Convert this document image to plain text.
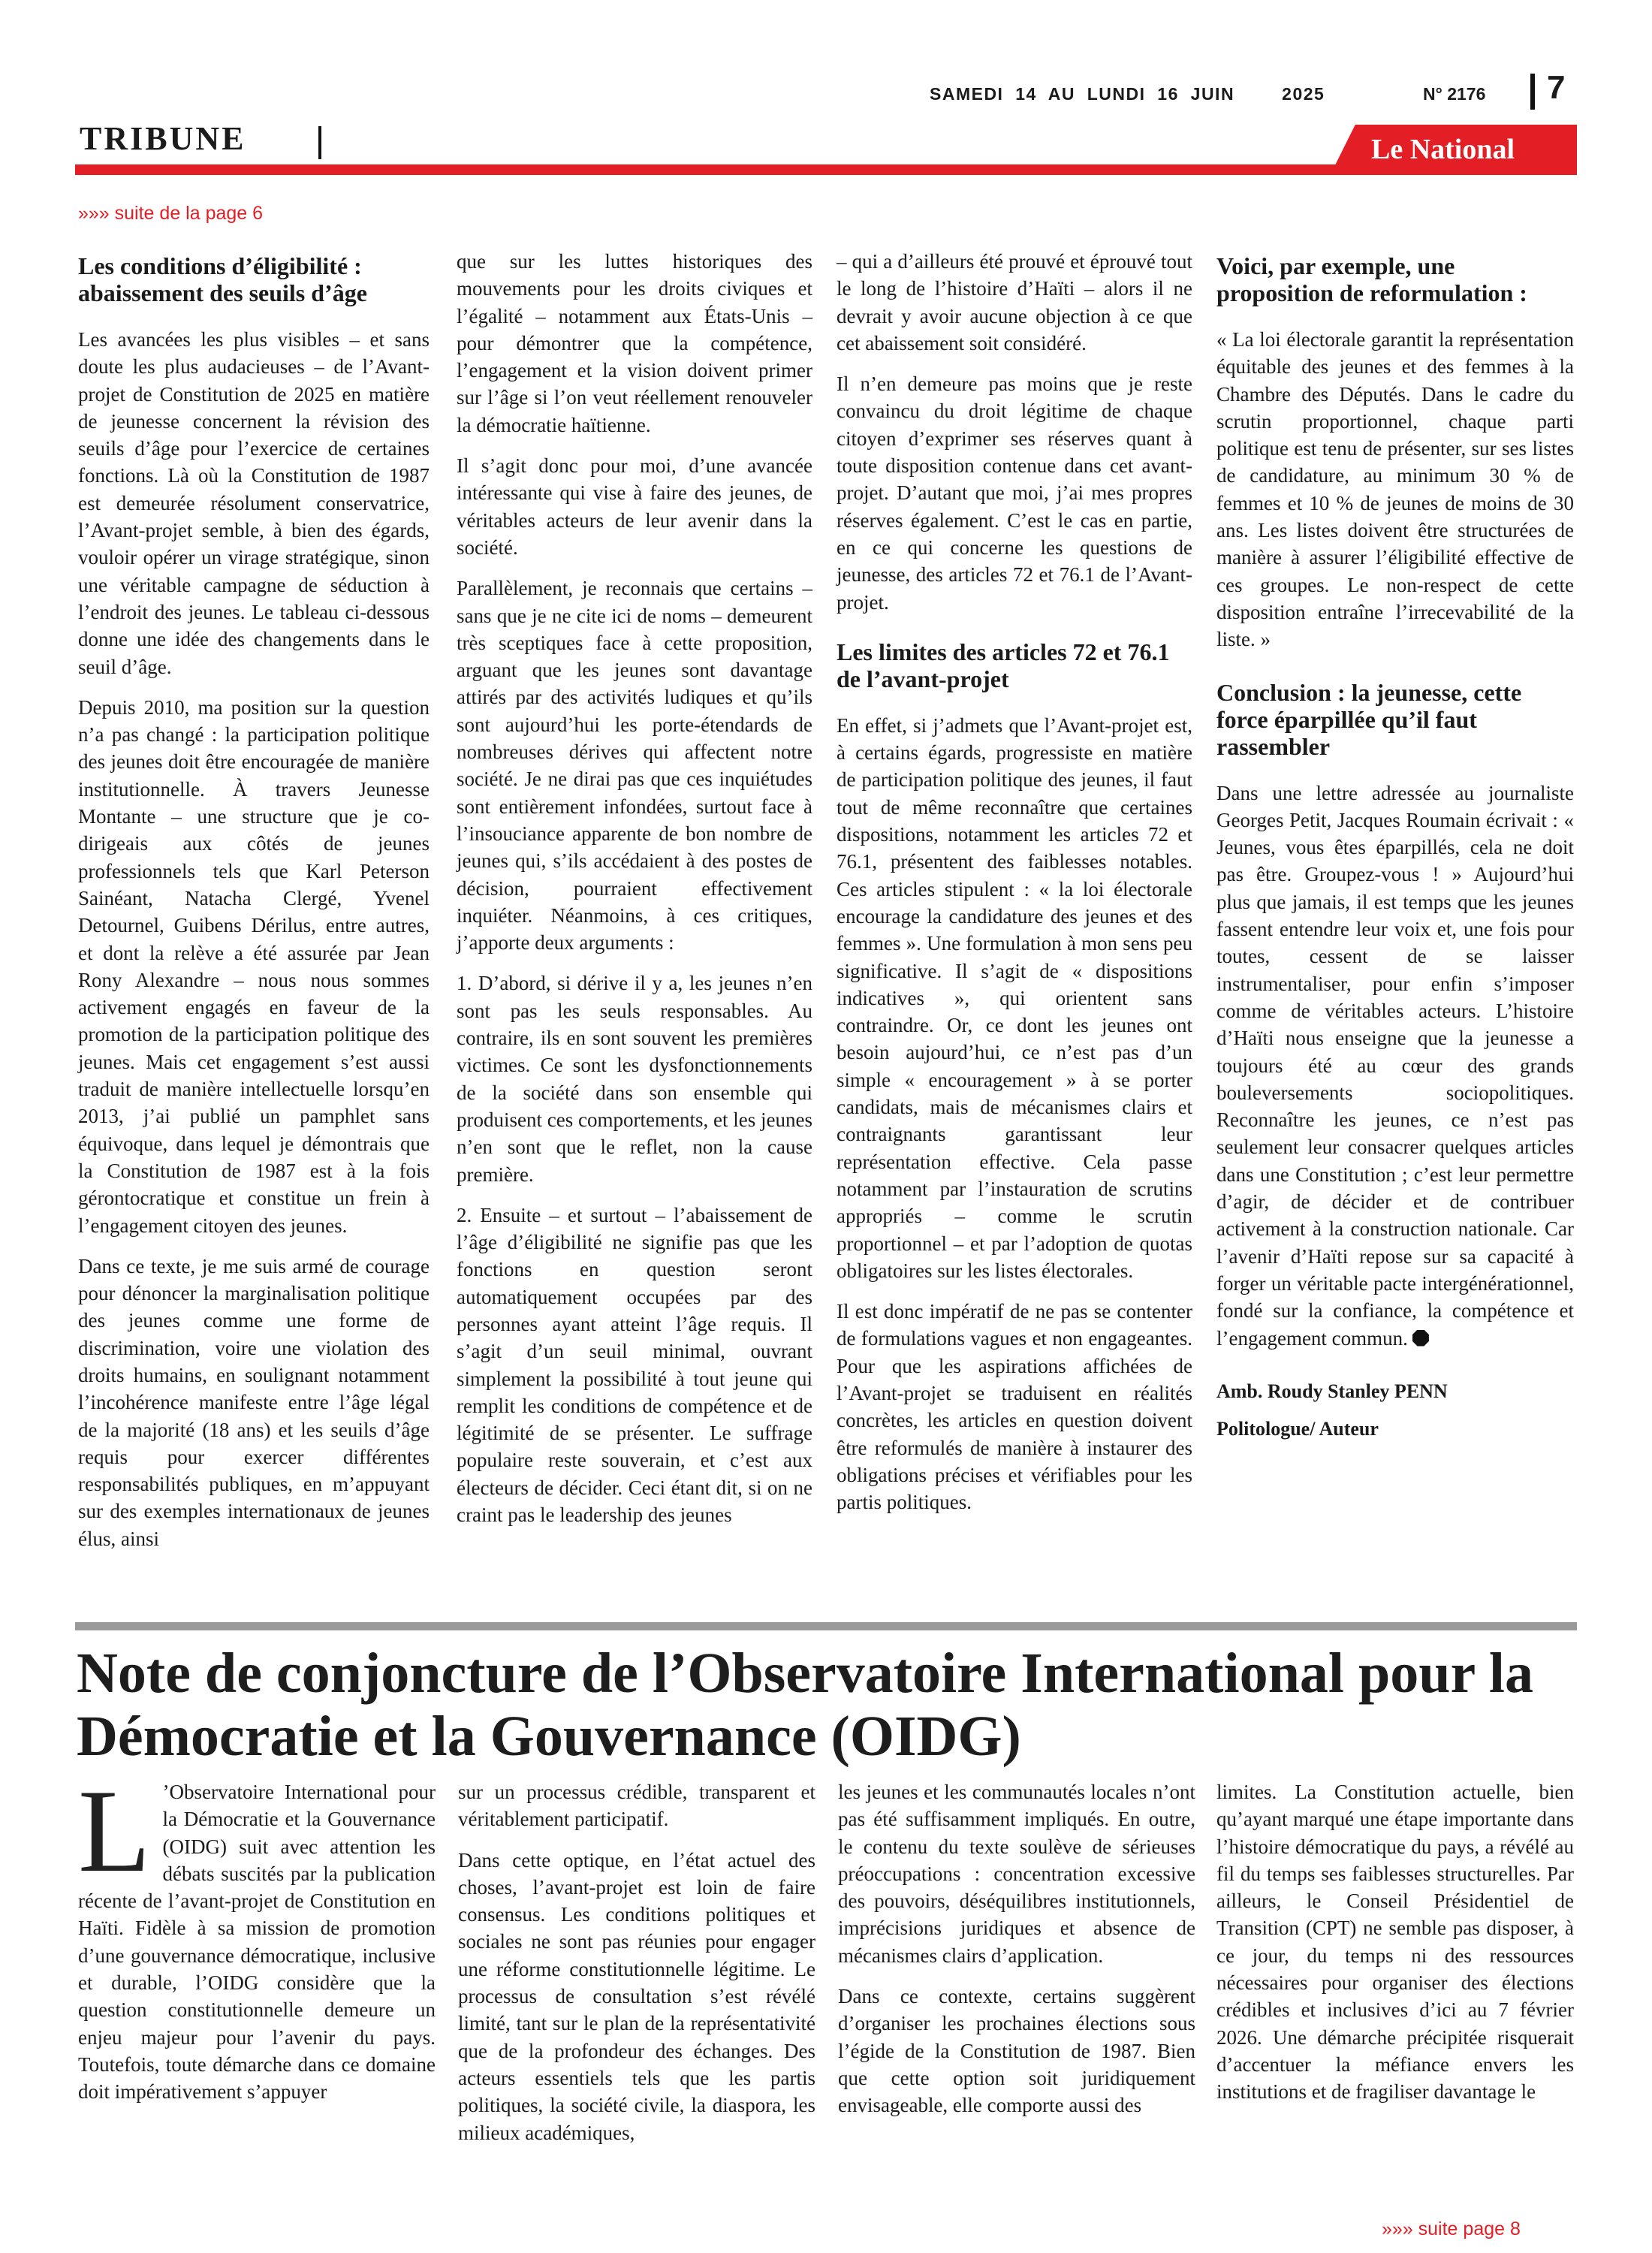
SAMEDI  14  AU  LUNDI  16  JUIN        2025	N° 2176 7
TRIBUNE	Le National
»»» suite de la page 6
Les conditions d’éligibilité : abaissement des seuils d’âge

Les avancées les plus visibles – et sans doute les plus audacieuses – de l’Avant-projet de Constitution de 2025 en matière de jeunesse concernent la révision des seuils d’âge pour l’exercice de certaines fonctions. Là où la Constitution de 1987 est demeurée résolument conservatrice, l’Avant-projet semble, à bien des égards, vouloir opérer un virage stratégique, sinon une véritable campagne de séduction à l’endroit des jeunes. Le tableau ci-dessous donne une idée des changements dans le seuil d’âge.

Depuis 2010, ma position sur la question n’a pas changé : la participation politique des jeunes doit être encouragée de manière institutionnelle. À travers Jeunesse Montante – une structure que je co-dirigeais aux côtés de jeunes professionnels tels que Karl Peterson Sainéant, Natacha Clergé, Yvenel Detournel, Guibens Dérilus, entre autres, et dont la relève a été assurée par Jean Rony Alexandre – nous nous sommes activement engagés en faveur de la promotion de la participation politique des jeunes. Mais cet engagement s’est aussi traduit de manière intellectuelle lorsqu’en 2013, j’ai publié un pamphlet sans équivoque, dans lequel je démontrais que la Constitution de 1987 est à la fois gérontocratique et constitue un frein à l’engagement citoyen des jeunes.

Dans ce texte, je me suis armé de courage pour dénoncer la marginalisation politique des jeunes comme une forme de discrimination, voire une violation des droits humains, en soulignant notamment l’incohérence manifeste entre l’âge légal de la majorité (18 ans) et les seuils d’âge requis pour exercer différentes responsabilités publiques, en m’appuyant sur des exemples internationaux de jeunes élus, ainsi

que sur les luttes historiques des mouvements pour les droits civiques et l’égalité – notamment aux États-Unis – pour démontrer que la compétence, l’engagement et la vision doivent primer sur l’âge si l’on veut réellement renouveler la démocratie haïtienne.

Il s’agit donc pour moi, d’une avancée intéressante qui vise à faire des jeunes, de véritables acteurs de leur avenir dans la société.

Parallèlement, je reconnais que certains – sans que je ne cite ici de noms – demeurent très sceptiques face à cette proposition, arguant que les jeunes sont davantage attirés par des activités ludiques et qu’ils sont aujourd’hui les porte-étendards de nombreuses dérives qui affectent notre société. Je ne dirai pas que ces inquiétudes sont entièrement infondées, surtout face à l’insouciance apparente de bon nombre de jeunes qui, s’ils accédaient à des postes de décision, pourraient effectivement inquiéter. Néanmoins, à ces critiques, j’apporte deux arguments :

1. D’abord, si dérive il y a, les jeunes n’en sont pas les seuls responsables. Au contraire, ils en sont souvent les premières victimes. Ce sont les dysfonctionnements de la société dans son ensemble qui produisent ces comportements, et les jeunes n’en sont que le reflet, non la cause première.

2. Ensuite – et surtout – l’abaissement de l’âge d’éligibilité ne signifie pas que les fonctions en question seront automatiquement occupées par des personnes ayant atteint l’âge requis. Il s’agit d’un seuil minimal, ouvrant simplement la possibilité à tout jeune qui remplit les conditions de compétence et de légitimité de se présenter. Le suffrage populaire reste souverain, et c’est aux électeurs de décider. Ceci étant dit, si on ne craint pas le leadership des jeunes

– qui a d’ailleurs été prouvé et éprouvé tout le long de l’histoire d’Haïti – alors il ne devrait y avoir aucune objection à ce que cet abaissement soit considéré.

Il n’en demeure pas moins que je reste convaincu du droit légitime de chaque citoyen d’exprimer ses réserves quant à toute disposition contenue dans cet avant-projet. D’autant que moi, j’ai mes propres réserves également. C’est le cas en partie, en ce qui concerne les questions de jeunesse, des articles 72 et 76.1 de l’Avant-projet.

Les limites des articles 72 et 76.1 de l’avant-projet

En effet, si j’admets que l’Avant-projet est, à certains égards, progressiste en matière de participation politique des jeunes, il faut tout de même reconnaître que certaines dispositions, notamment les articles 72 et 76.1, présentent des faiblesses notables. Ces articles stipulent : « la loi électorale encourage la candidature des jeunes et des femmes ». Une formulation à mon sens peu significative. Il s’agit de « dispositions indicatives », qui orientent sans contraindre. Or, ce dont les jeunes ont besoin aujourd’hui, ce n’est pas d’un simple « encouragement » à se porter candidats, mais de mécanismes clairs et contraignants garantissant leur représentation effective. Cela passe notamment par l’instauration de scrutins appropriés – comme le scrutin proportionnel – et par l’adoption de quotas obligatoires sur les listes électorales.

Il est donc impératif de ne pas se contenter de formulations vagues et non engageantes. Pour que les aspirations affichées de l’Avant-projet se traduisent en réalités concrètes, les articles en question doivent être reformulés de manière à instaurer des obligations précises et vérifiables pour les partis politiques.

Voici, par exemple, une proposition de reformulation :

« La loi électorale garantit la représentation équitable des jeunes et des femmes à la Chambre des Députés. Dans le cadre du scrutin proportionnel, chaque parti politique est tenu de présenter, sur ses listes de candidature, au minimum 30 % de femmes et 10 % de jeunes de moins de 30 ans. Les listes doivent être structurées de manière à assurer l’éligibilité effective de ces groupes. Le non-respect de cette disposition entraîne l’irrecevabilité de la liste. »

Conclusion : la jeunesse, cette force éparpillée qu’il faut rassembler

Dans une lettre adressée au journaliste Georges Petit, Jacques Roumain écrivait : « Jeunes, vous êtes éparpillés, cela ne doit pas être. Groupez-vous ! » Aujourd’hui plus que jamais, il est temps que les jeunes fassent entendre leur voix et, une fois pour toutes, cessent de se laisser instrumentaliser, pour enfin s’imposer comme de véritables acteurs. L’histoire d’Haïti nous enseigne que la jeunesse a toujours été au cœur des grands bouleversements sociopolitiques. Reconnaître les jeunes, ce n’est pas seulement leur consacrer quelques articles dans une Constitution ; c’est leur permettre d’agir, de décider et de contribuer activement à la construction nationale. Car l’avenir d’Haïti repose sur sa capacité à forger un véritable pacte intergénérationnel, fondé sur la confiance, la compétence et l’engagement commun.

Amb. Roudy Stanley PENN

Politologue/ Auteur

Note de conjoncture de l’Observatoire International pour la Démocratie et la Gouvernance (OIDG)

L ’Observatoire International pour la Démocratie et la Gouvernance (OIDG) suit avec attention les débats suscités par la publication récente de l’avant-projet de Constitution en Haïti. Fidèle à sa mission de promotion d’une gouvernance démocratique, inclusive et durable, l’OIDG considère que la question constitutionnelle demeure un enjeu majeur pour l’avenir du pays. Toutefois, toute démarche dans ce domaine doit impérativement s’appuyer

sur un processus crédible, transparent et véritablement participatif.

Dans cette optique, en l’état actuel des choses, l’avant-projet est loin de faire consensus. Les conditions politiques et sociales ne sont pas réunies pour engager une réforme constitutionnelle légitime. Le processus de consultation s’est révélé limité, tant sur le plan de la représentativité que de la profondeur des échanges. Des acteurs essentiels tels que les partis politiques, la société civile, la diaspora, les milieux académiques,

les jeunes et les communautés locales n’ont pas été suffisamment impliqués. En outre, le contenu du texte soulève de sérieuses préoccupations : concentration excessive des pouvoirs, déséquilibres institutionnels, imprécisions juridiques et absence de mécanismes clairs d’application.

Dans ce contexte, certains suggèrent d’organiser les prochaines élections sous l’égide de la Constitution de 1987. Bien que cette option soit juridiquement envisageable, elle comporte aussi des

limites. La Constitution actuelle, bien qu’ayant marqué une étape importante dans l’histoire démocratique du pays, a révélé au fil du temps ses faiblesses structurelles. Par ailleurs, le Conseil Présidentiel de Transition (CPT) ne semble pas disposer, à ce jour, du temps ni des ressources nécessaires pour organiser des élections crédibles et inclusives d’ici au 7 février 2026. Une démarche précipitée risquerait d’accentuer la méfiance envers les institutions et de fragiliser davantage le

»»» suite page 8
